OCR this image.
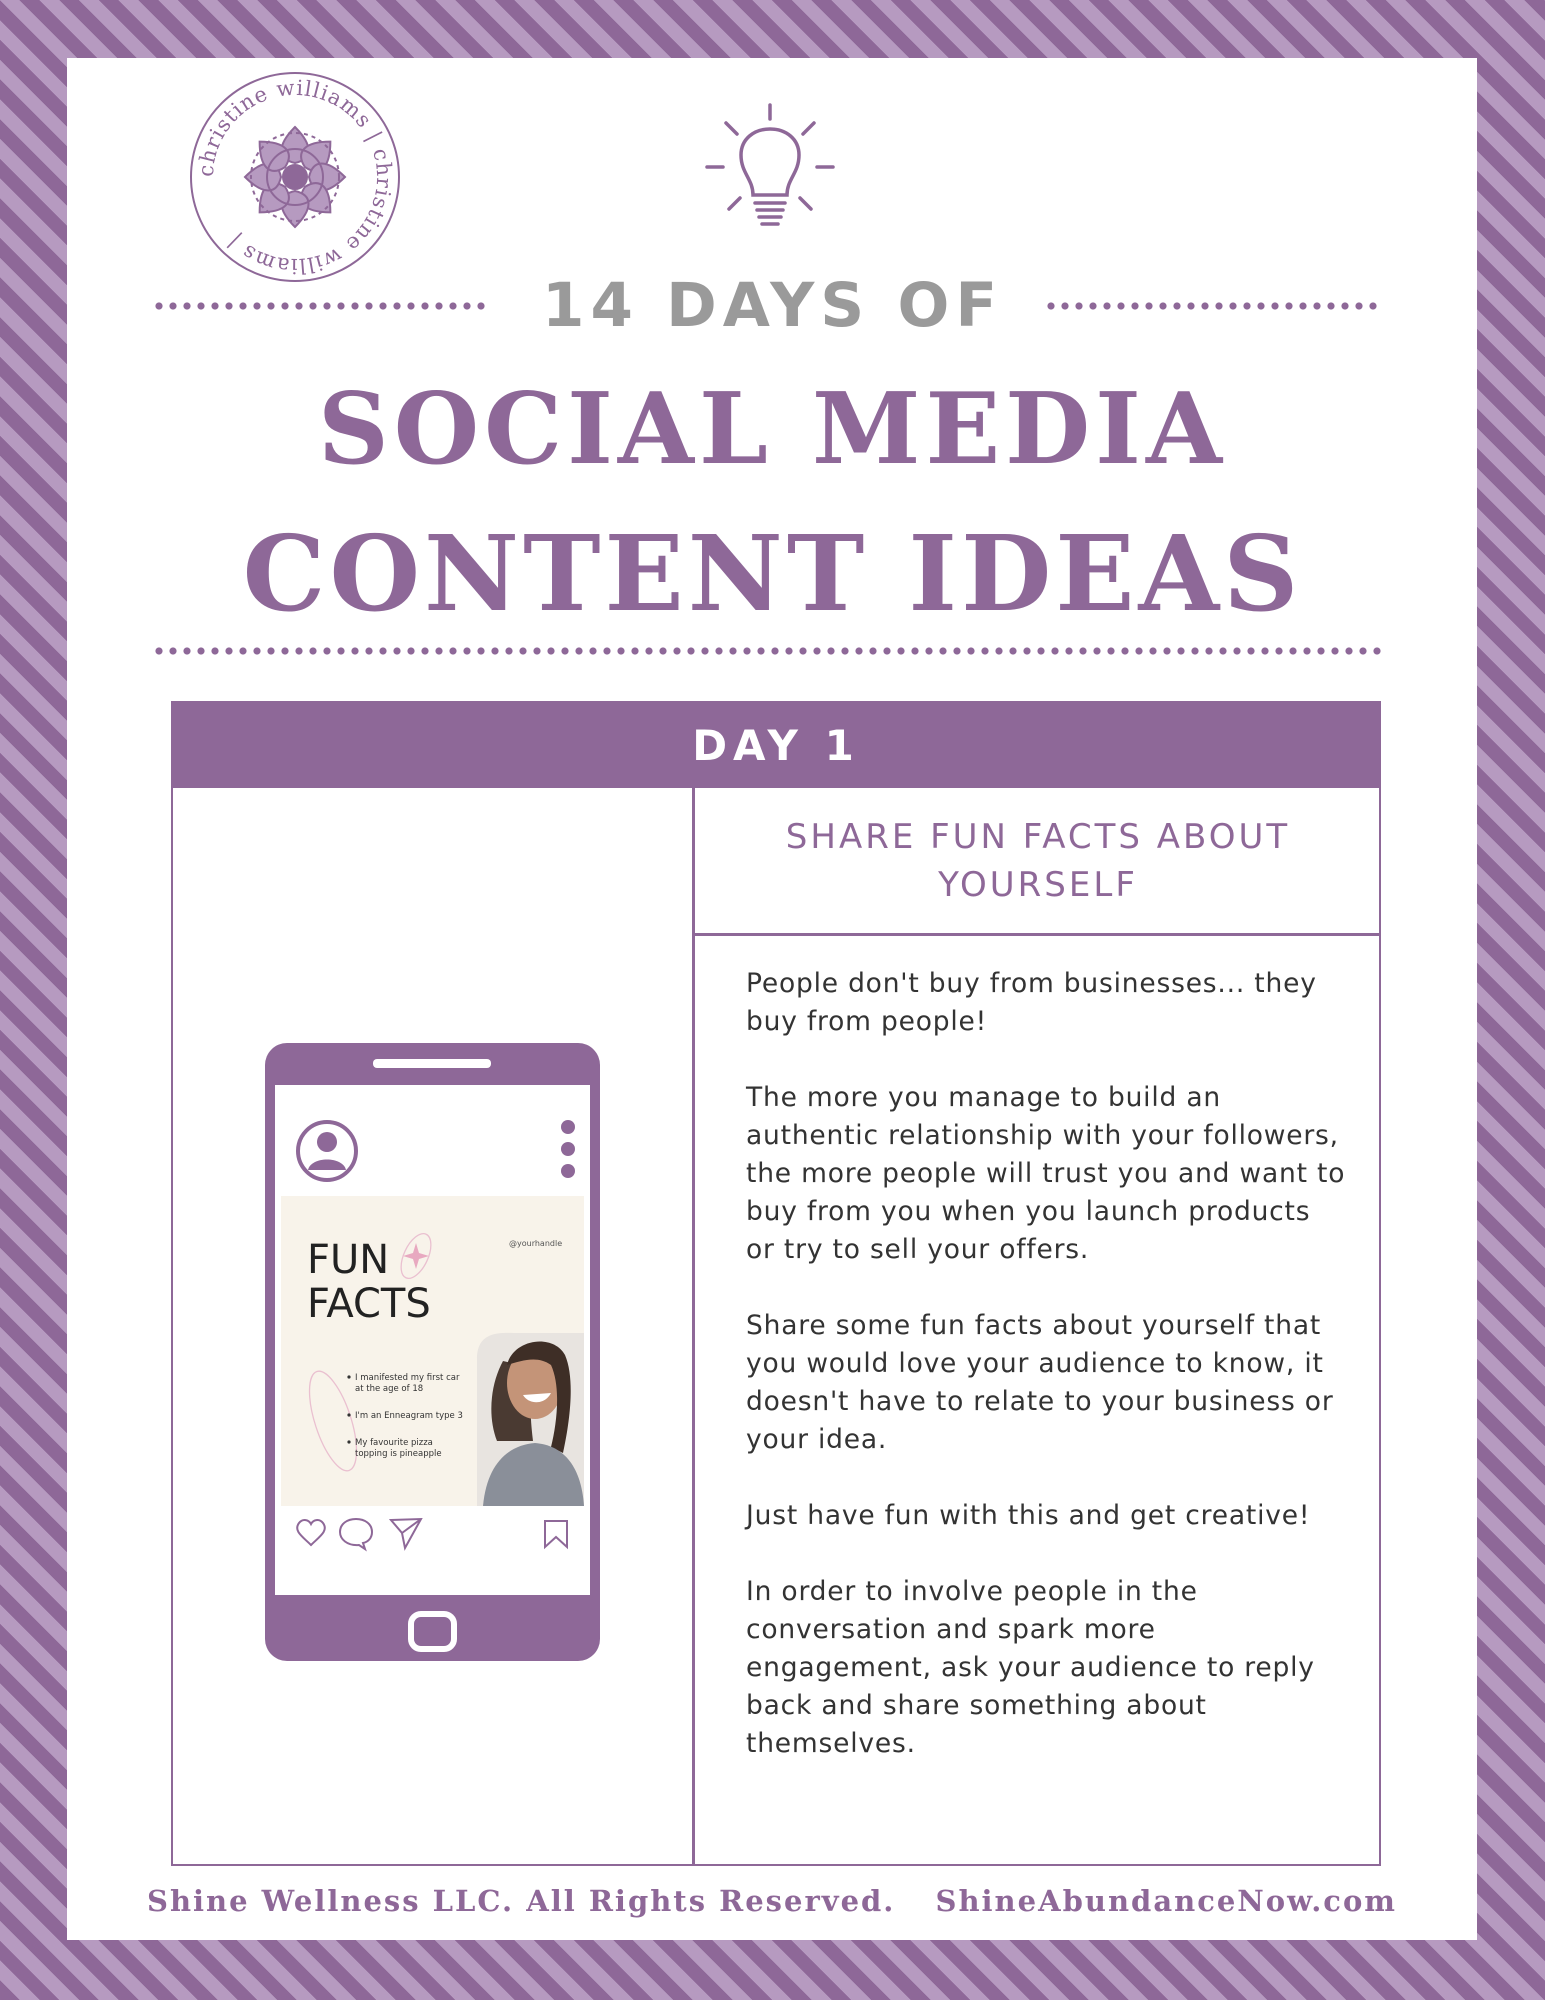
christine williams | christine williams |
14 DAYS OF
SOCIAL MEDIA
CONTENT IDEAS
DAY 1
SHARE FUN FACTS ABOUT
YOURSELF

People don't buy from businesses... they buy from people!

The more you manage to build an authentic relationship with your followers, the more people will trust you and want to buy from you when you launch products or try to sell your offers.

Share some fun facts about yourself that you would love your audience to know, it doesn't have to relate to your business or your idea.

Just have fun with this and get creative!

In order to involve people in the conversation and spark more engagement, ask your audience to reply back and share something about themselves.

@yourhandle
FUN
FACTS
I manifested my first car
at the age of 18
I'm an Enneagram type 3
My favourite pizza
topping is pineapple
Shine Wellness LLC. All Rights Reserved. ShineAbundanceNow.com
